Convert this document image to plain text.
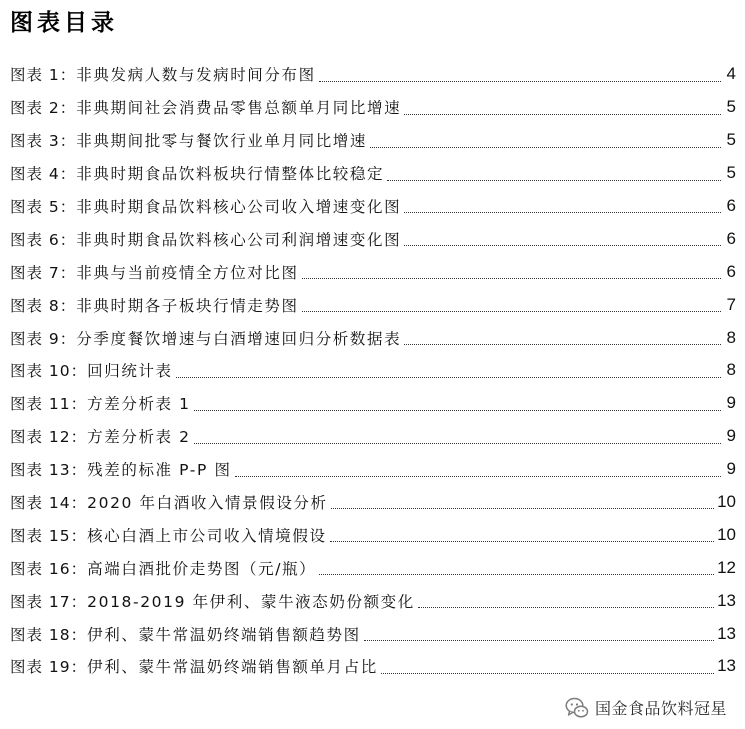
图表目录
图表 1： 非典发病人数与发病时间分布图	4
图表 2： 非典期间社会消费品零售总额单月同比增速	5
图表 3： 非典期间批零与餐饮行业单月同比增速	5
图表 4： 非典时期食品饮料板块行情整体比较稳定	5
图表 5： 非典时期食品饮料核心公司收入增速变化图	6
图表 6： 非典时期食品饮料核心公司利润增速变化图	6
图表 7： 非典与当前疫情全方位对比图	6
图表 8： 非典时期各子板块行情走势图	7
图表 9： 分季度餐饮增速与白酒增速回归分析数据表	8
图表 10： 回归统计表	8
图表 11： 方差分析表 1	9
图表 12： 方差分析表 2	9
图表 13： 残差的标准 P-P 图	9
图表 14： 2020 年白酒收入情景假设分析	10
图表 15： 核心白酒上市公司收入情境假设	10
图表 16： 高端白酒批价走势图（元/瓶）	12
图表 17： 2018-2019 年伊利、蒙牛液态奶份额变化	13
图表 18： 伊利、蒙牛常温奶终端销售额趋势图	13
图表 19： 伊利、蒙牛常温奶终端销售额单月占比	13
国金食品饮料冠星
